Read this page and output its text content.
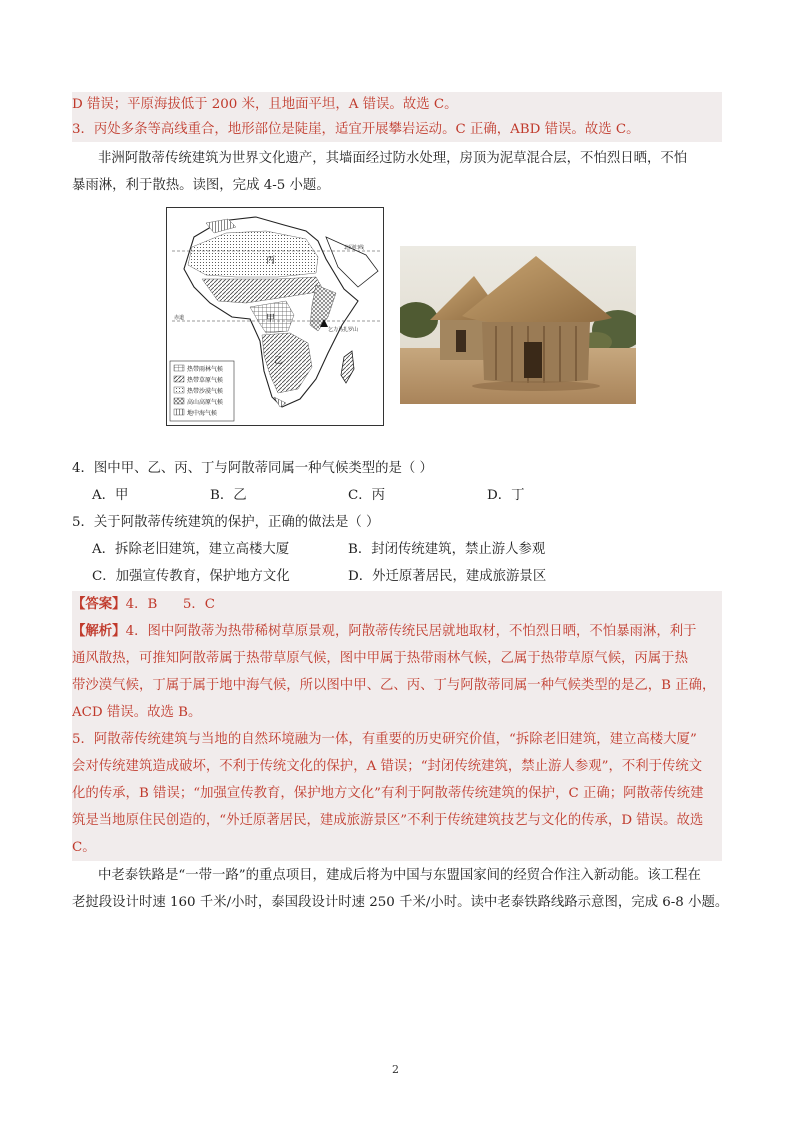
D 错误；平原海拔低于 200 米，且地面平坦，A 错误。故选 C。
3．丙处多条等高线重合，地形部位是陡崖，适宜开展攀岩运动。C 正确，ABD 错误。故选 C。
非洲阿散蒂传统建筑为世界文化遗产，其墙面经过防水处理，房顶为泥草混合层，不怕烈日晒，不怕
暴雨淋，利于散热。读图，完成 4-5 小题。
丙
甲
乙
乞力马扎罗山
北回归线
赤道
热带雨林气候
热带草原气候
热带沙漠气候
高山高原气候
地中海气候
4．图中甲、乙、丙、丁与阿散蒂同属一种气候类型的是（ ）
A．甲	B．乙	C．丙	D．丁
5．关于阿散蒂传统建筑的保护，正确的做法是（ ）
A．拆除老旧建筑，建立高楼大厦	B．封闭传统建筑，禁止游人参观
C．加强宣传教育，保护地方文化	D．外迁原著居民，建成旅游景区
【答案】4．B      5．C
【解析】4．图中阿散蒂为热带稀树草原景观，阿散蒂传统民居就地取材，不怕烈日晒，不怕暴雨淋，利于
通风散热，可推知阿散蒂属于热带草原气候，图中甲属于热带雨林气候，乙属于热带草原气候，丙属于热
带沙漠气候，丁属于属于地中海气候，所以图中甲、乙、丙、丁与阿散蒂同属一种气候类型的是乙，B 正确，
ACD 错误。故选 B。
5．阿散蒂传统建筑与当地的自然环境融为一体，有重要的历史研究价值，“拆除老旧建筑，建立高楼大厦”
会对传统建筑造成破坏，不利于传统文化的保护，A 错误；“封闭传统建筑，禁止游人参观”，不利于传统文
化的传承，B 错误；“加强宣传教育，保护地方文化”有利于阿散蒂传统建筑的保护，C 正确；阿散蒂传统建
筑是当地原住民创造的，“外迁原著居民，建成旅游景区”不利于传统建筑技艺与文化的传承，D 错误。故选
C。
中老泰铁路是“一带一路”的重点项目，建成后将为中国与东盟国家间的经贸合作注入新动能。该工程在
老挝段设计时速 160 千米/小时，泰国段设计时速 250 千米/小时。读中老泰铁路线路示意图，完成 6-8 小题。
2
